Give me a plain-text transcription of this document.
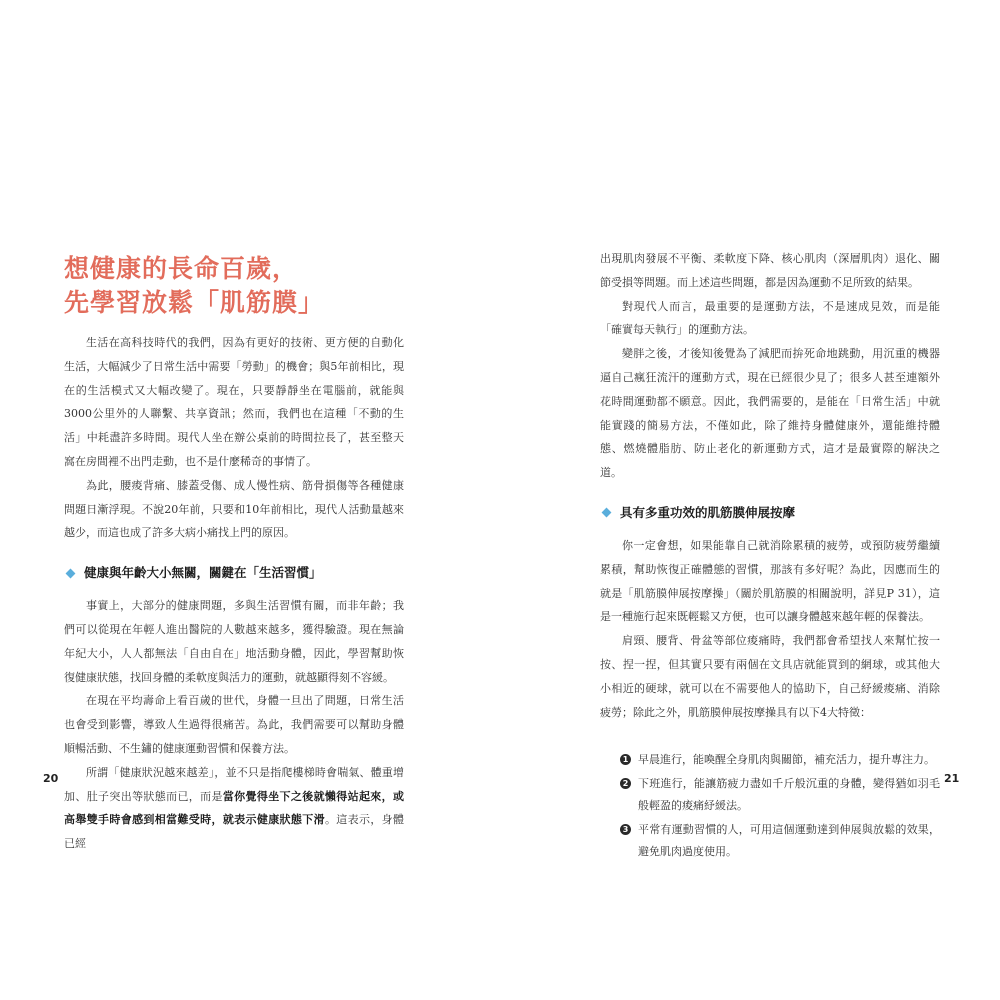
想健康的長命百歲，
先學習放鬆「肌筋膜」

生活在高科技時代的我們，因為有更好的技術、更方便的自動化生活，大幅減少了日常生活中需要「勞動」的機會；與5年前相比，現在的生活模式又大幅改變了。現在，只要靜靜坐在電腦前，就能與3000公里外的人聯繫、共享資訊；然而，我們也在這種「不動的生活」中耗盡許多時間。現代人坐在辦公桌前的時間拉長了，甚至整天窩在房間裡不出門走動，也不是什麼稀奇的事情了。

為此，腰痠背痛、膝蓋受傷、成人慢性病、筋骨損傷等各種健康問題日漸浮現。不說20年前，只要和10年前相比，現代人活動量越來越少，而這也成了許多大病小痛找上門的原因。

健康與年齡大小無關，關鍵在「生活習慣」

事實上，大部分的健康問題，多與生活習慣有關，而非年齡；我們可以從現在年輕人進出醫院的人數越來越多，獲得驗證。現在無論年紀大小，人人都無法「自由自在」地活動身體，因此，學習幫助恢復健康狀態，找回身體的柔軟度與活力的運動，就越顯得刻不容緩。

在現在平均壽命上看百歲的世代，身體一旦出了問題，日常生活也會受到影響，導致人生過得很痛苦。為此，我們需要可以幫助身體順暢活動、不生鏽的健康運動習慣和保養方法。

所謂「健康狀況越來越差」，並不只是指爬樓梯時會喘氣、體重增加、肚子突出等狀態而已，而是當你覺得坐下之後就懶得站起來，或高舉雙手時會感到相當難受時，就表示健康狀態下滑。這表示，身體已經

20

出現肌肉發展不平衡、柔軟度下降、核心肌肉（深層肌肉）退化、關節受損等問題。而上述這些問題，都是因為運動不足所致的結果。

對現代人而言，最重要的是運動方法，不是速成見效，而是能「確實每天執行」的運動方法。

變胖之後，才後知後覺為了減肥而拚死命地跳動，用沉重的機器逼自己瘋狂流汗的運動方式，現在已經很少見了；很多人甚至連額外花時間運動都不願意。因此，我們需要的，是能在「日常生活」中就能實踐的簡易方法，不僅如此，除了維持身體健康外，還能維持體態、燃燒體脂肪、防止老化的新運動方式，這才是最實際的解決之道。

具有多重功效的肌筋膜伸展按摩

你一定會想，如果能靠自己就消除累積的疲勞，或預防疲勞繼續累積，幫助恢復正確體態的習慣，那該有多好呢？為此，因應而生的就是「肌筋膜伸展按摩操」（關於肌筋膜的相關說明，詳見P 31），這是一種施行起來既輕鬆又方便，也可以讓身體越來越年輕的保養法。

肩頸、腰背、骨盆等部位痠痛時，我們都會希望找人來幫忙按一按、捏一捏，但其實只要有兩個在文具店就能買到的網球，或其他大小相近的硬球，就可以在不需要他人的協助下，自己紓緩痠痛、消除疲勞；除此之外，肌筋膜伸展按摩操具有以下4大特徵：

1 早晨進行，能喚醒全身肌肉與關節，補充活力，提升專注力。
2 下班進行，能讓筋疲力盡如千斤般沉重的身體，變得猶如羽毛般輕盈的痠痛紓緩法。
3 平常有運動習慣的人，可用這個運動達到伸展與放鬆的效果，避免肌肉過度使用。
21
